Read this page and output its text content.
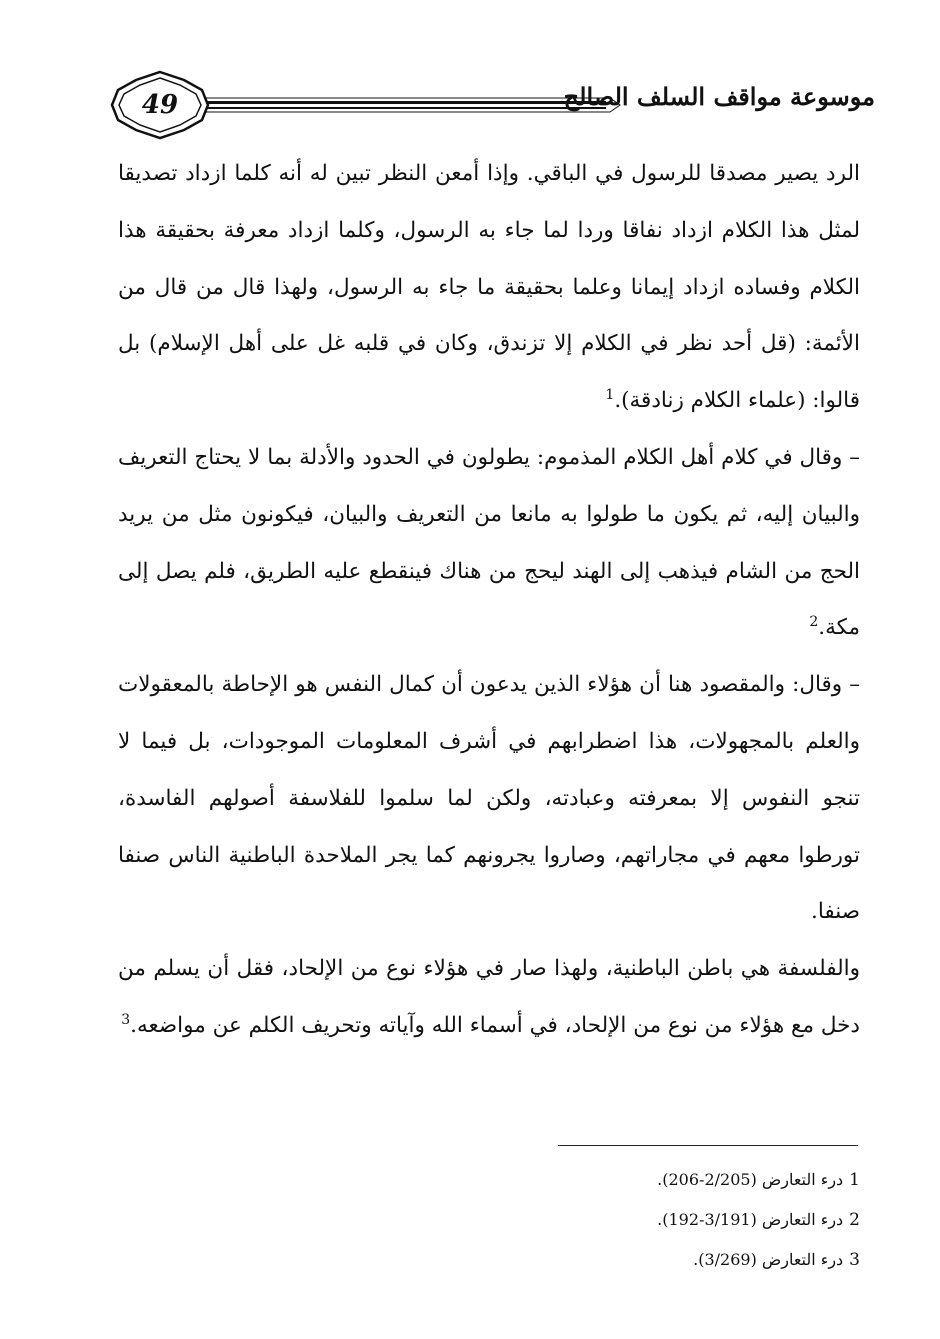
49	موسوعة مواقف السلف الصالح

الرد يصير مصدقا للرسول في الباقي. وإذا أمعن النظر تبين له أنه كلما ازداد تصديقا لمثل هذا الكلام ازداد نفاقا وردا لما جاء به الرسول، وكلما ازداد معرفة بحقيقة هذا الكلام وفساده ازداد إيمانا وعلما بحقيقة ما جاء به الرسول، ولهذا قال من قال من الأئمة: (قل أحد نظر في الكلام إلا تزندق، وكان في قلبه غل على أهل الإسلام) بل قالوا: (علماء الكلام زنادقة).$^1$

– وقال في كلام أهل الكلام المذموم: يطولون في الحدود والأدلة بما لا يحتاج التعريف والبيان إليه، ثم يكون ما طولوا به مانعا من التعريف والبيان، فيكونون مثل من يريد الحج من الشام فيذهب إلى الهند ليحج من هناك فينقطع عليه الطريق، فلم يصل إلى مكة.$^2$

– وقال: والمقصود هنا أن هؤلاء الذين يدعون أن كمال النفس هو الإحاطة بالمعقولات والعلم بالمجهولات، هذا اضطرابهم في أشرف المعلومات الموجودات، بل فيما لا تنجو النفوس إلا بمعرفته وعبادته، ولكن لما سلموا للفلاسفة أصولهم الفاسدة، تورطوا معهم في مجاراتهم، وصاروا يجرونهم كما يجر الملاحدة الباطنية الناس صنفا صنفا.

والفلسفة هي باطن الباطنية، ولهذا صار في هؤلاء نوع من الإلحاد، فقل أن يسلم من دخل مع هؤلاء من نوع من الإلحاد، في أسماء الله وآياته وتحريف الكلم عن مواضعه.$^3$

1درء التعارض (2/205-206).
2درء التعارض (3/191-192).
3درء التعارض (3/269).
